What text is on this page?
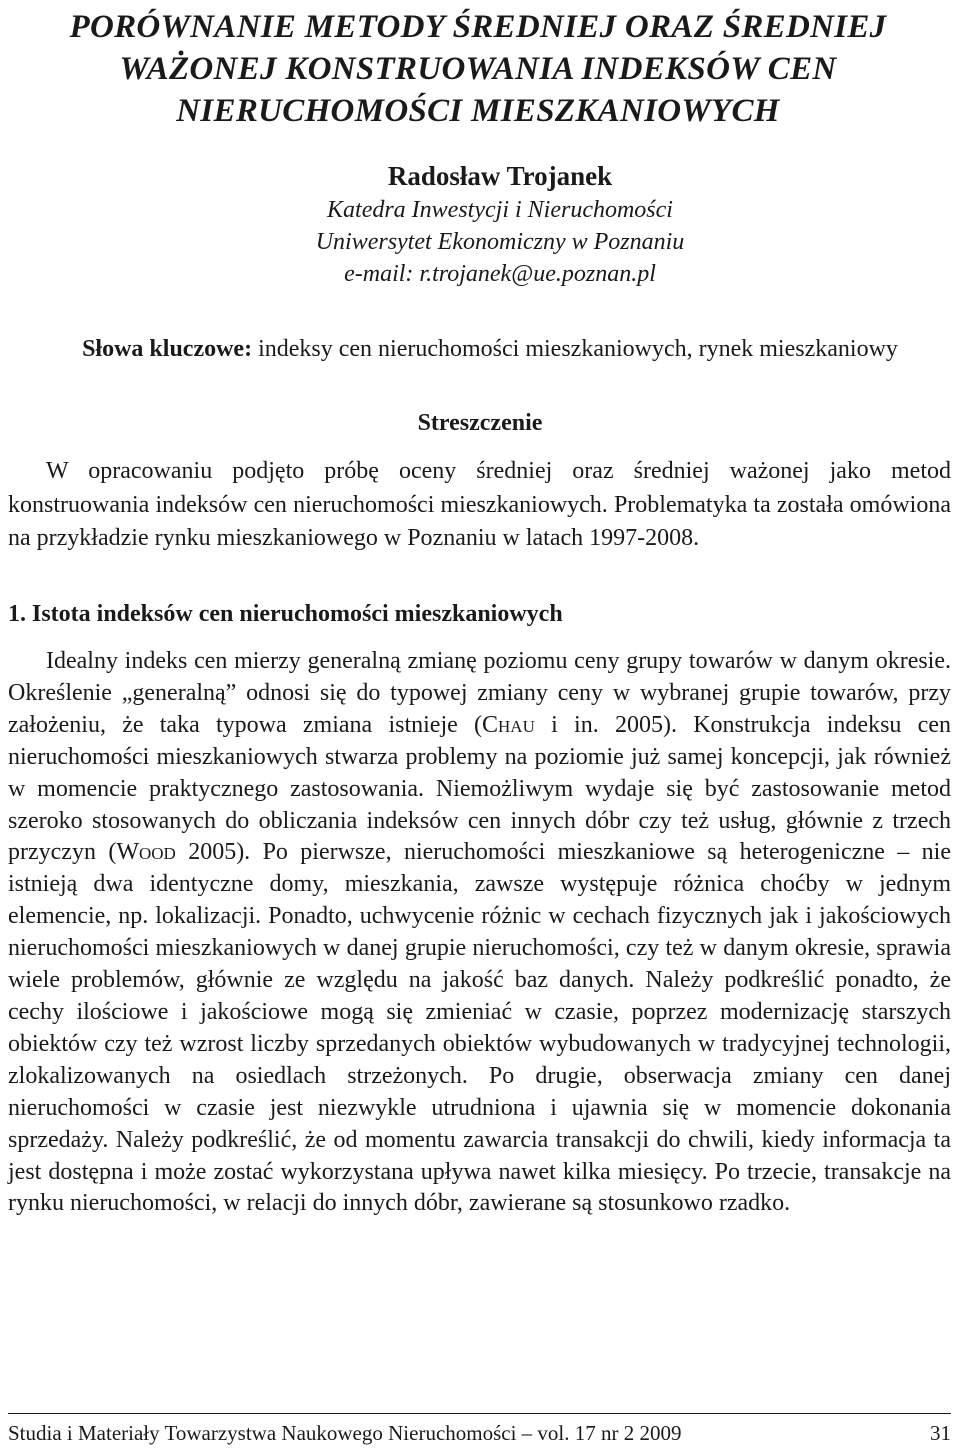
PORÓWNANIE METODY ŚREDNIEJ ORAZ ŚREDNIEJ WAŻONEJ KONSTRUOWANIA INDEKSÓW CEN NIERUCHOMOŚCI MIESZKANIOWYCH
Radosław Trojanek
Katedra Inwestycji i Nieruchomości
Uniwersytet Ekonomiczny w Poznaniu
e-mail: r.trojanek@ue.poznan.pl
Słowa kluczowe: indeksy cen nieruchomości mieszkaniowych, rynek mieszkaniowy
Streszczenie

W opracowaniu podjęto próbę oceny średniej oraz średniej ważonej jako metod konstruowania indeksów cen nieruchomości mieszkaniowych. Problematyka ta została omówiona na przykładzie rynku mieszkaniowego w Poznaniu w latach 1997-2008.

1. Istota indeksów cen nieruchomości mieszkaniowych

Idealny indeks cen mierzy generalną zmianę poziomu ceny grupy towarów w danym okresie. Określenie „generalną” odnosi się do typowej zmiany ceny w wybranej grupie towarów, przy założeniu, że taka typowa zmiana istnieje (Chau i in. 2005). Konstrukcja indeksu cen nieruchomości mieszkaniowych stwarza problemy na poziomie już samej koncepcji, jak również w momencie praktycznego zastosowania. Niemożliwym wydaje się być zastosowanie metod szeroko stosowanych do obliczania indeksów cen innych dóbr czy też usług, głównie z trzech przyczyn (Wood 2005). Po pierwsze, nieruchomości mieszkaniowe są heterogeniczne – nie istnieją dwa identyczne domy, mieszkania, zawsze występuje różnica choćby w jednym elemencie, np. lokalizacji. Ponadto, uchwycenie różnic w cechach fizycznych jak i jakościowych nieruchomości mieszkaniowych w danej grupie nieruchomości, czy też w danym okresie, sprawia wiele problemów, głównie ze względu na jakość baz danych. Należy podkreślić ponadto, że cechy ilościowe i jakościowe mogą się zmieniać w czasie, poprzez modernizację starszych obiektów czy też wzrost liczby sprzedanych obiektów wybudowanych w tradycyjnej technologii, zlokalizowanych na osiedlach strzeżonych. Po drugie, obserwacja zmiany cen danej nieruchomości w czasie jest niezwykle utrudniona i ujawnia się w momencie dokonania sprzedaży. Należy podkreślić, że od momentu zawarcia transakcji do chwili, kiedy informacja ta jest dostępna i może zostać wykorzystana upływa nawet kilka miesięcy. Po trzecie, transakcje na rynku nieruchomości, w relacji do innych dóbr, zawierane są stosunkowo rzadko.

Studia i Materiały Towarzystwa Naukowego Nieruchomości – vol. 17 nr 2 2009	31
